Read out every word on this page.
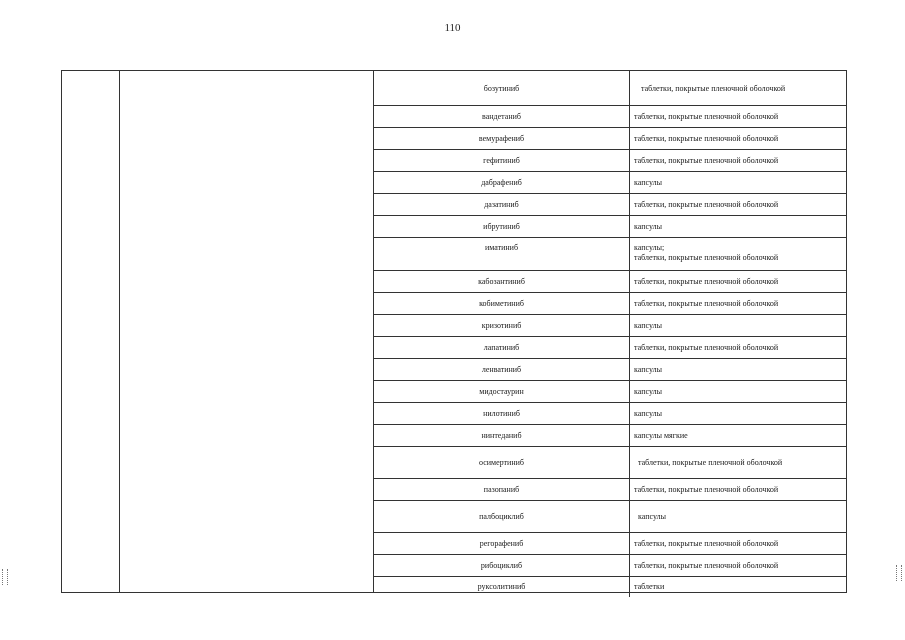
110
бозутиниб	таблетки, покрытые пленочной оболочкой
вандетаниб	таблетки, покрытые пленочной оболочкой
вемурафениб	таблетки, покрытые пленочной оболочкой
гефитиниб	таблетки, покрытые пленочной оболочкой
дабрафениб	капсулы
дазатиниб	таблетки, покрытые пленочной оболочкой
ибрутиниб	капсулы
иматиниб	капсулы;
таблетки, покрытые пленочной оболочкой
кабозантиниб	таблетки, покрытые пленочной оболочкой
кобиметиниб	таблетки, покрытые пленочной оболочкой
кризотиниб	капсулы
лапатиниб	таблетки, покрытые пленочной оболочкой
ленватиниб	капсулы
мидостаурин	капсулы
нилотиниб	капсулы
нинтеданиб	капсулы мягкие
осимертиниб	таблетки, покрытые пленочной оболочкой
пазопаниб	таблетки, покрытые пленочной оболочкой
палбоциклиб	капсулы
регорафениб	таблетки, покрытые пленочной оболочкой
рибоциклиб	таблетки, покрытые пленочной оболочкой
руксолитиниб	таблетки
